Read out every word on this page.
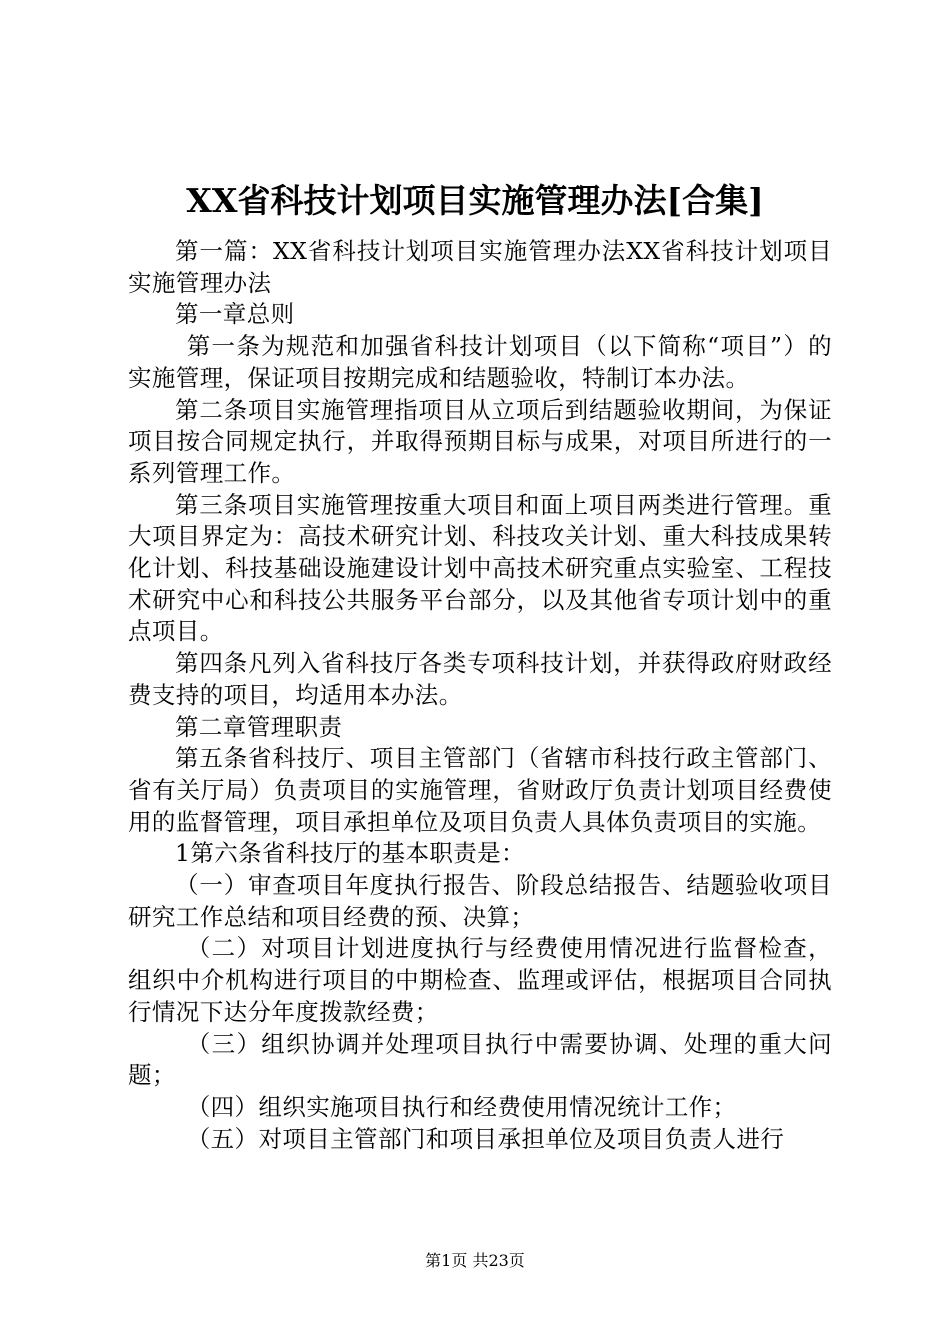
XX省科技计划项目实施管理办法[合集]

第一篇：XX省科技计划项目实施管理办法XX省科技计划项目实施管理办法

第一章总则

第一条为规范和加强省科技计划项目（以下简称“项目”）的实施管理，保证项目按期完成和结题验收，特制订本办法。

第二条项目实施管理指项目从立项后到结题验收期间，为保证项目按合同规定执行，并取得预期目标与成果，对项目所进行的一系列管理工作。

第三条项目实施管理按重大项目和面上项目两类进行管理。重大项目界定为：高技术研究计划、科技攻关计划、重大科技成果转化计划、科技基础设施建设计划中高技术研究重点实验室、工程技术研究中心和科技公共服务平台部分，以及其他省专项计划中的重点项目。

第四条凡列入省科技厅各类专项科技计划，并获得政府财政经费支持的项目，均适用本办法。

第二章管理职责

第五条省科技厅、项目主管部门（省辖市科技行政主管部门、省有关厅局）负责项目的实施管理，省财政厅负责计划项目经费使用的监督管理，项目承担单位及项目负责人具体负责项目的实施。

1第六条省科技厅的基本职责是：

（一）审查项目年度执行报告、阶段总结报告、结题验收项目研究工作总结和项目经费的预、决算；

（二）对项目计划进度执行与经费使用情况进行监督检查，组织中介机构进行项目的中期检查、监理或评估，根据项目合同执行情况下达分年度拨款经费；

（三）组织协调并处理项目执行中需要协调、处理的重大问题；

（四）组织实施项目执行和经费使用情况统计工作；

（五）对项目主管部门和项目承担单位及项目负责人进行

第1页 共23页
